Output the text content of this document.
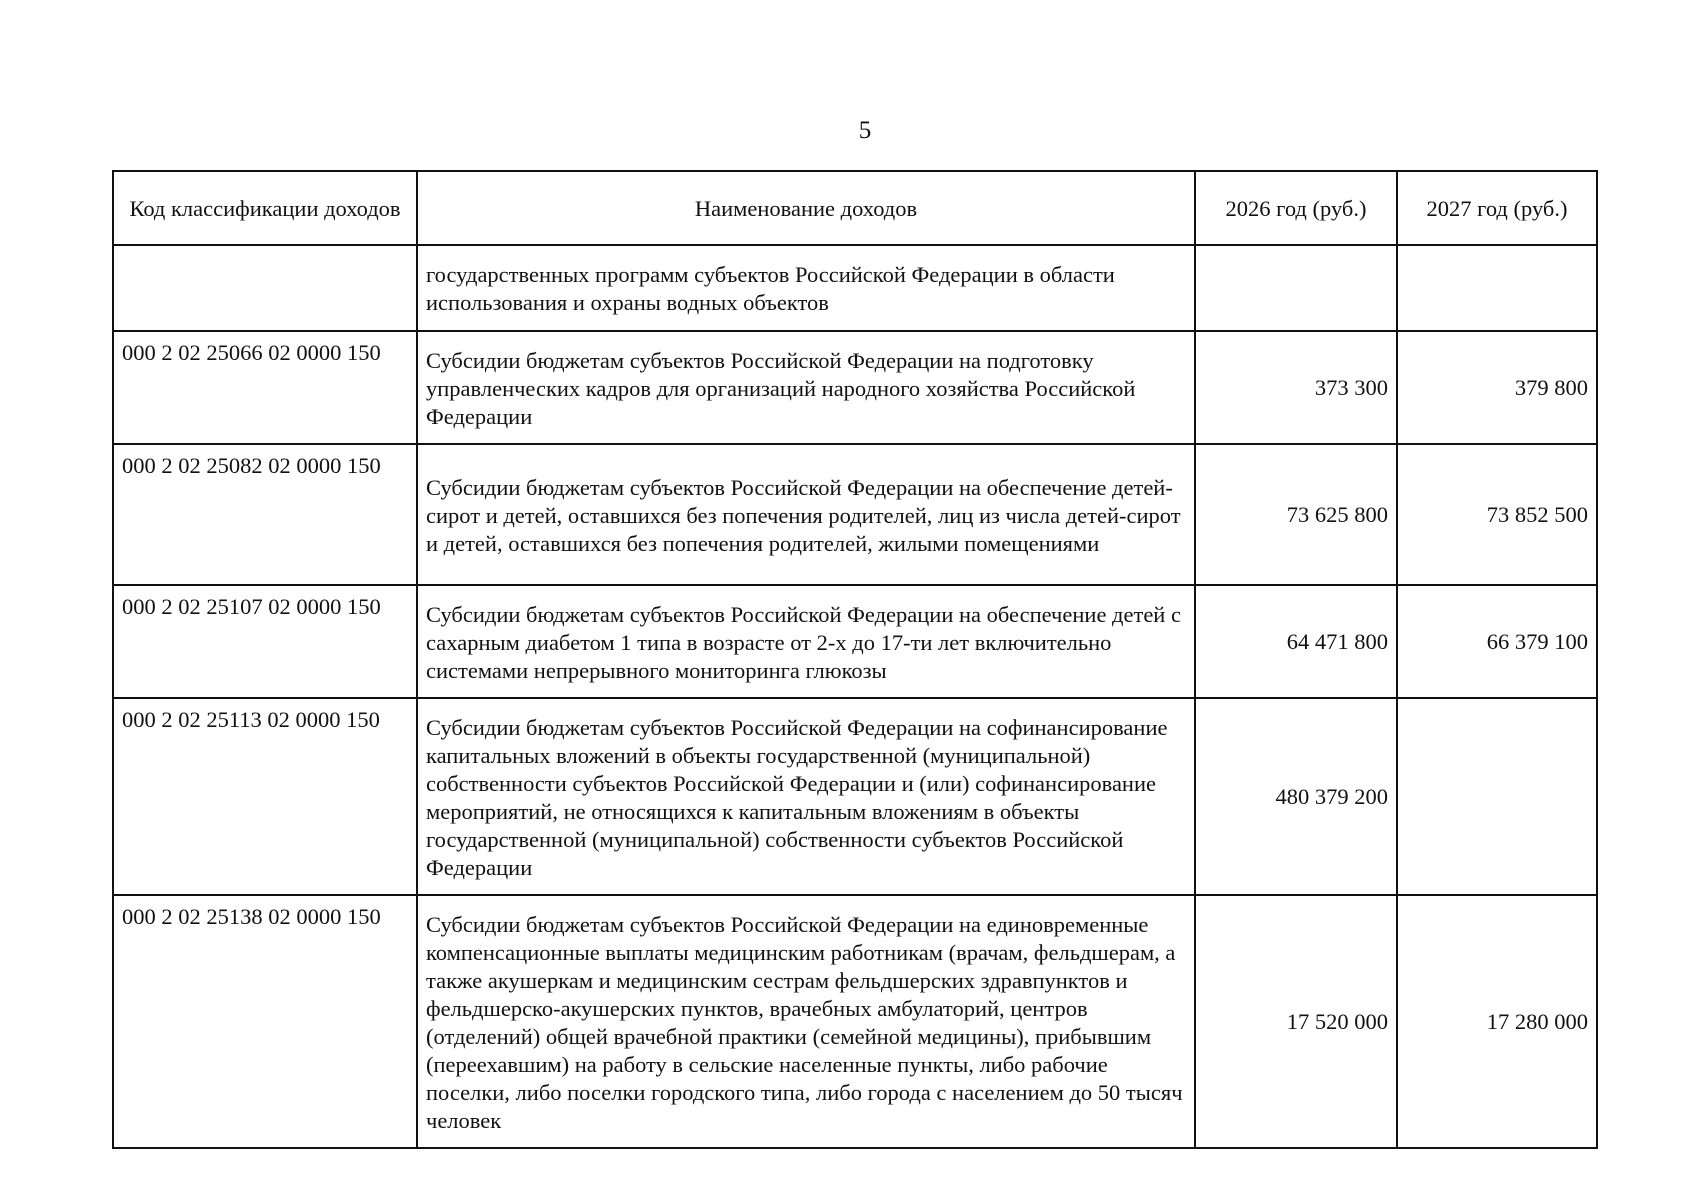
5
Код классификации доходов	Наименование доходов	2026 год (руб.)	2027 год (руб.)
	государственных программ субъектов Российской Федерации в области использования и охраны водных объектов		
000 2 02 25066 02 0000 150	Субсидии бюджетам субъектов Российской Федерации на подготовку управленческих кадров для организаций народного хозяйства Российской Федерации	373 300	379 800
000 2 02 25082 02 0000 150	Субсидии бюджетам субъектов Российской Федерации на обеспечение детей-сирот и детей, оставшихся без попечения родителей, лиц из числа детей-сирот и детей, оставшихся без попечения родителей, жилыми помещениями	73 625 800	73 852 500
000 2 02 25107 02 0000 150	Субсидии бюджетам субъектов Российской Федерации на обеспечение детей с сахарным диабетом 1 типа в возрасте от 2-х до 17-ти лет включительно системами непрерывного мониторинга глюкозы	64 471 800	66 379 100
000 2 02 25113 02 0000 150	Субсидии бюджетам субъектов Российской Федерации на софинансирование капитальных вложений в объекты государственной (муниципальной) собственности субъектов Российской Федерации и (или) софинансирование мероприятий, не относящихся к капитальным вложениям в объекты государственной (муниципальной) собственности субъектов Российской Федерации	480 379 200	
000 2 02 25138 02 0000 150	Субсидии бюджетам субъектов Российской Федерации на единовременные компенсационные выплаты медицинским работникам (врачам, фельдшерам, а также акушеркам и медицинским сестрам фельдшерских здравпунктов и фельдшерско-акушерских пунктов, врачебных амбулаторий, центров (отделений) общей врачебной практики (семейной медицины), прибывшим (переехавшим) на работу в сельские населенные пункты, либо рабочие поселки, либо поселки городского типа, либо города с населением до 50 тысяч человек	17 520 000	17 280 000
